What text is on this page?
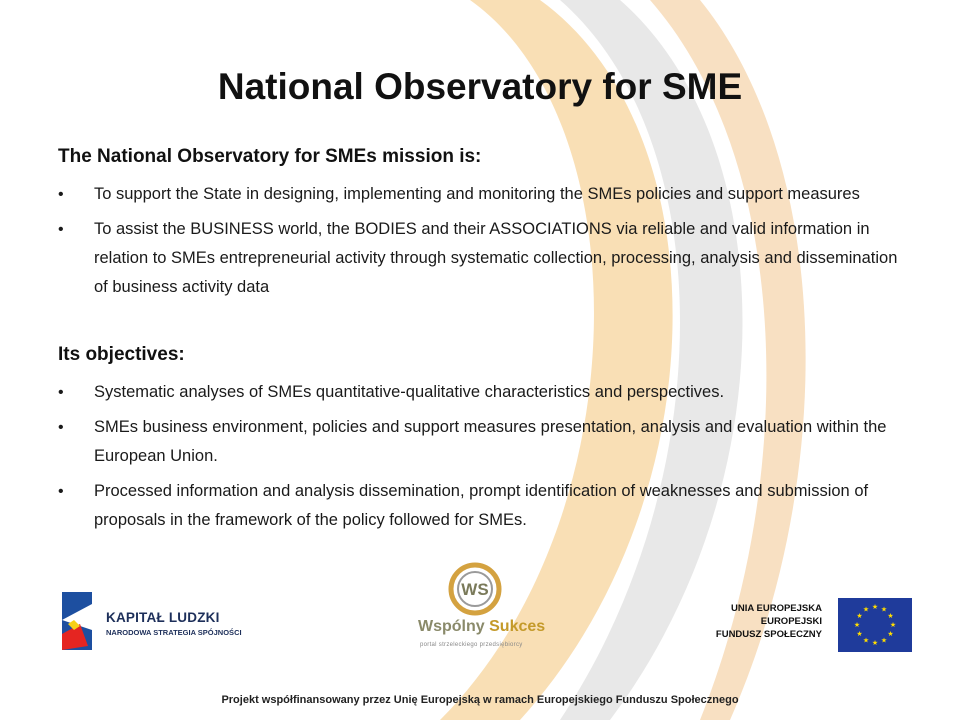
National Observatory for SME

The National Observatory for SMEs mission is:

• To support the State in designing, implementing and monitoring the SMEs policies and support measures
• To assist the BUSINESS world, the BODIES and their ASSOCIATIONS via reliable and valid information in relation to SMEs entrepreneurial activity through systematic collection, processing, analysis and dissemination of business activity data

Its objectives:

• Systematic analyses of SMEs quantitative-qualitative characteristics and perspectives.
• SMEs business environment, policies and support measures presentation, analysis and evaluation within the European Union.
• Processed information and analysis dissemination, prompt identification of weaknesses and submission of proposals in the framework of the policy followed for SMEs.
KAPITAŁ LUDZKI
NARODOWA STRATEGIA SPÓJNOŚCI
WS
Wspólny Sukces
portal strzeleckiego przedsiębiorcy
UNIA EUROPEJSKA
EUROPEJSKI
FUNDUSZ SPOŁECZNY
★ ★
★
★
★
★
★
★
★
★
★
★
Projekt współfinansowany przez Unię Europejską w ramach Europejskiego Funduszu Społecznego
